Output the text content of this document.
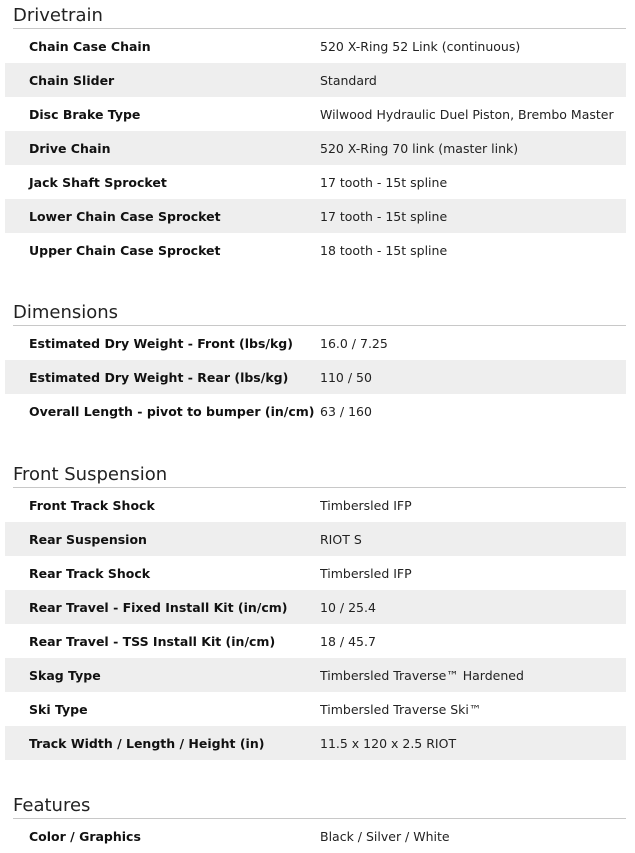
Drivetrain
Chain Case Chain	520 X-Ring 52 Link (continuous)
Chain Slider	Standard
Disc Brake Type	Wilwood Hydraulic Duel Piston, Brembo Master
Drive Chain	520 X-Ring 70 link (master link)
Jack Shaft Sprocket	17 tooth - 15t spline
Lower Chain Case Sprocket	17 tooth - 15t spline
Upper Chain Case Sprocket	18 tooth - 15t spline
Dimensions
Estimated Dry Weight - Front (lbs/kg)	16.0 / 7.25
Estimated Dry Weight - Rear (lbs/kg)	110 / 50
Overall Length - pivot to bumper (in/cm) 63 / 160
Front Suspension
Front Track Shock	Timbersled IFP
Rear Suspension	RIOT S
Rear Track Shock	Timbersled IFP
Rear Travel - Fixed Install Kit (in/cm)	10 / 25.4
Rear Travel - TSS Install Kit (in/cm)	18 / 45.7
Skag Type	Timbersled Traverse™ Hardened
Ski Type	Timbersled Traverse Ski™
Track Width / Length / Height (in)	11.5 x 120 x 2.5 RIOT
Features
Color / Graphics	Black / Silver / White
